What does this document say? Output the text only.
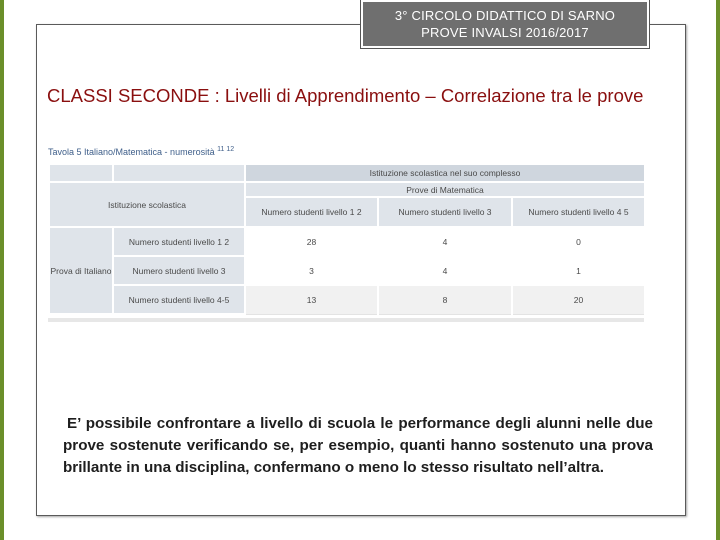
3° CIRCOLO DIDATTICO DI SARNO
PROVE INVALSI 2016/2017
CLASSI SECONDE : Livelli di Apprendimento – Correlazione tra le prove
Tavola 5 Italiano/Matematica - numerosità $^{11 12}$
		Istituzione scolastica nel suo complesso		
Istituzione scolastica		Prove di Matematica		
		Numero studenti livello 1 2	Numero studenti livello 3	Numero studenti livello 4 5
Prova di Italiano	Numero studenti livello 1 2	28	4	0
	Numero studenti livello 3	3	4	1
	Numero studenti livello 4-5	13	8	20
E’ possibile confrontare a livello di scuola le performance degli alunni nelle due prove sostenute verificando se, per esempio, quanti hanno sostenuto una prova brillante in una disciplina, confermano o meno lo stesso risultato nell’altra.
